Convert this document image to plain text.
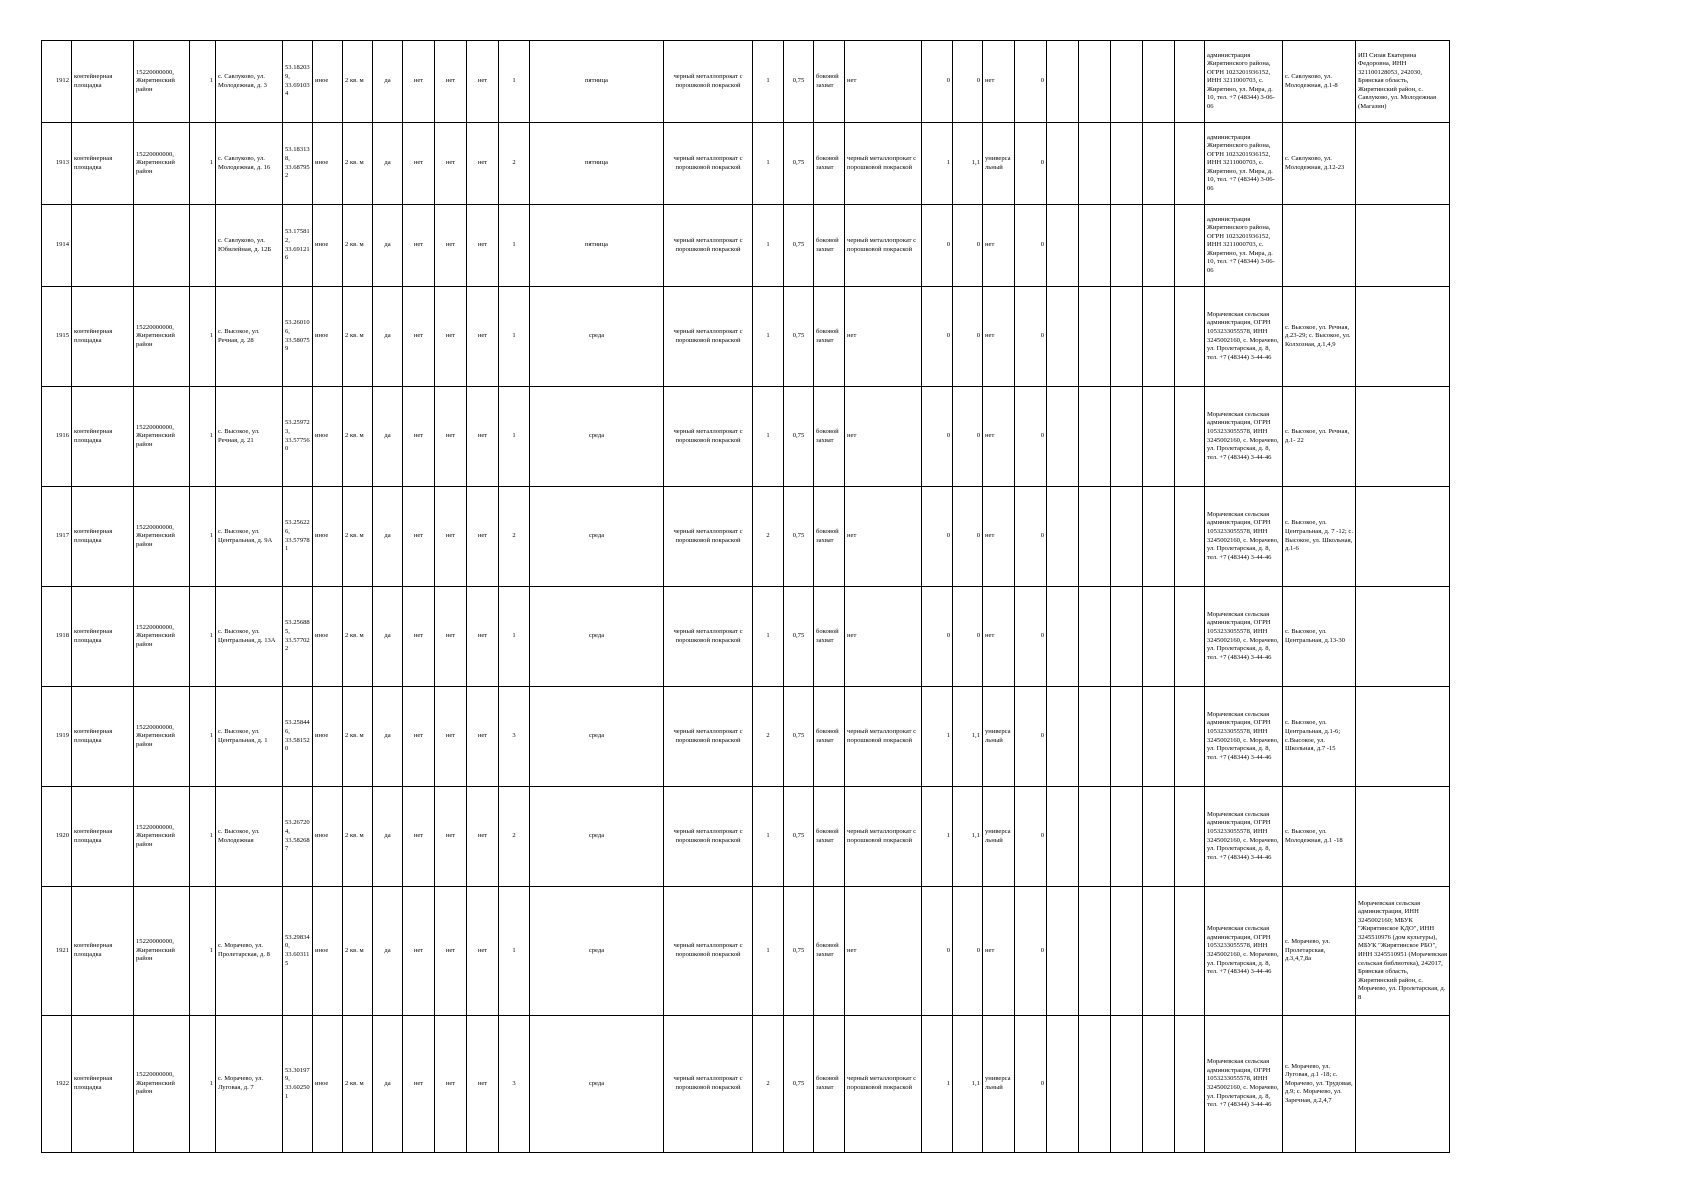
1912	контейнерная площадка	15220000000, Жирятинский район	1	с. Савлуково, ул. Молодежная, д. 3	53.18203 9, 33.69103 4	иное	2 кв. м	да	нет	нет	нет	1	пятница	черный металлопрокат с порошковой покраской	1	0,75	боковой захват	нет	0	0	нет	0						администрация Жирятинского района, ОГРН 1023201936152, ИНН 3211000703, с. Жирятино, ул. Мира, д. 10, тел. +7 (48344) 3-06-06	с. Савлуково, ул. Молодежная, д.1-8	ИП Сизая Екатерина Федоровна, ИНН 321100128053, 242030, Брянская область, Жирятинский район, с. Савлуково, ул. Молодежная (Магазин)
1913	контейнерная площадка	15220000000, Жирятинский район	1	с. Савлуково, ул. Молодежная, д. 16	53.18313 8, 33.68795 2	иное	2 кв. м	да	нет	нет	нет	2	пятница	черный металлопрокат с порошковой покраской	1	0,75	боковой захват	черный металлопрокат с порошковой покраской	1	1,1	универсальный	0						администрация Жирятинского района, ОГРН 1023201936152, ИНН 3211000703, с. Жирятино, ул. Мира, д. 10, тел. +7 (48344) 3-06-06	с. Савлуково, ул. Молодежная, д.12-23	
1914				с. Савлуково, ул. Юбилейная, д. 12Б	53.17581 2, 33.69121 6	иное	2 кв. м	да	нет	нет	нет	1	пятница	черный металлопрокат с порошковой покраской	1	0,75	боковой захват	черный металлопрокат с порошковой покраской	0	0	нет	0						администрация Жирятинского района, ОГРН 1023201936152, ИНН 3211000703, с. Жирятино, ул. Мира, д. 10, тел. +7 (48344) 3-06-06		
1915	контейнерная площадка	15220000000, Жирятинский район	1	с. Высокое, ул. Речная, д. 28	53.26010 6, 33.58075 9	иное	2 кв. м	да	нет	нет	нет	1	среда	черный металлопрокат с порошковой покраской	1	0,75	боковой захват	нет	0	0	нет	0						Морачевская сельская администрация, ОГРН 1053233055578, ИНН 3245002160, с. Морачево, ул. Пролетарская, д. 8, тел. +7 (48344) 3-44-46	с. Высокое, ул. Речная, д.23-29; с. Высокое, ул. Колхозная, д.1,4,9	
1916	контейнерная площадка	15220000000, Жирятинский район	1	с. Высокое, ул. Речная, д. 21	53.25972 3, 33.57756 0	иное	2 кв. м	да	нет	нет	нет	1	среда	черный металлопрокат с порошковой покраской	1	0,75	боковой захват	нет	0	0	нет	0						Морачевская сельская администрация, ОГРН 1053233055578, ИНН 3245002160, с. Морачево, ул. Пролетарская, д. 8, тел. +7 (48344) 3-44-46	с. Высокое, ул. Речная, д.1- 22	
1917	контейнерная площадка	15220000000, Жирятинский район	1	с. Высокое, ул. Центральная, д. 9А	53.25622 6, 33.57978 1	иное	2 кв. м	да	нет	нет	нет	2	среда	черный металлопрокат с порошковой покраской	2	0,75	боковой захват	нет	0	0	нет	0						Морачевская сельская администрация, ОГРН 1053233055578, ИНН 3245002160, с. Морачево, ул. Пролетарская, д. 8, тел. +7 (48344) 3-44-46	с. Высокое, ул. Центральная, д. 7 -12; с. Высокое, ул. Школьная, д.1-6	
1918	контейнерная площадка	15220000000, Жирятинский район	1	с. Высокое, ул. Центральная, д. 13А	53.25688 5, 33.57702 2	иное	2 кв. м	да	нет	нет	нет	1	среда	черный металлопрокат с порошковой покраской	1	0,75	боковой захват	нет	0	0	нет	0						Морачевская сельская администрация, ОГРН 1053233055578, ИНН 3245002160, с. Морачево, ул. Пролетарская, д. 8, тел. +7 (48344) 3-44-46	с. Высокое, ул. Центральная, д.13-30	
1919	контейнерная площадка	15220000000, Жирятинский район	1	с. Высокое, ул. Центральная, д. 1	53.25844 6, 33.58152 0	иное	2 кв. м	да	нет	нет	нет	3	среда	черный металлопрокат с порошковой покраской	2	0,75	боковой захват	черный металлопрокат с порошковой покраской	1	1,1	универсальный	0						Морачевская сельская администрация, ОГРН 1053233055578, ИНН 3245002160, с. Морачево, ул. Пролетарская, д. 8, тел. +7 (48344) 3-44-46	с. Высокое, ул. Центральная, д.1-6; с.Высокое, ул. Школьная, д.7 -15	
1920	контейнерная площадка	15220000000, Жирятинский район	1	с. Высокое, ул. Молодежная	53.26720 4, 33.58268 7	иное	2 кв. м	да	нет	нет	нет	2	среда	черный металлопрокат с порошковой покраской	1	0,75	боковой захват	черный металлопрокат с порошковой покраской	1	1,1	универсальный	0						Морачевская сельская администрация, ОГРН 1053233055578, ИНН 3245002160, с. Морачево, ул. Пролетарская, д. 8, тел. +7 (48344) 3-44-46	с. Высокое, ул. Молодежная, д.1 -18	
1921	контейнерная площадка	15220000000, Жирятинский район	1	с. Морачево, ул. Пролетарская, д. 8	53.29834 0, 33.60311 5	иное	2 кв. м	да	нет	нет	нет	1	среда	черный металлопрокат с порошковой покраской	1	0,75	боковой захват	нет	0	0	нет	0						Морачевская сельская администрация, ОГРН 1053233055578, ИНН 3245002160, с. Морачево, ул. Пролетарская, д. 8, тел. +7 (48344) 3-44-46	с. Морачево, ул. Пролетарская, д.3,4,7,8а	Морачевская сельская администрация, ИНН 3245002160; МБУК "Жирятинское КДО", ИНН 3245510976 (дом культуры), МБУК "Жирятинское РБО", ИНН 3245510951 (Морачевская сельская библиотека), 242017, Брянская область, Жирятинский район, с. Морачево, ул. Пролетарская, д. 8
1922	контейнерная площадка	15220000000, Жирятинский район	1	с. Морачево, ул. Луговая, д. 7	53.30197 9, 33.60250 1	иное	2 кв. м	да	нет	нет	нет	3	среда	черный металлопрокат с порошковой покраской	2	0,75	боковой захват	черный металлопрокат с порошковой покраской	1	1,1	универсальный	0						Морачевская сельская администрация, ОГРН 1053233055578, ИНН 3245002160, с. Морачево, ул. Пролетарская, д. 8, тел. +7 (48344) 3-44-46	с. Морачево, ул. Луговая, д.1 -18; с. Морачево, ул. Трудовая, д.9; с. Морачево, ул. Заречная, д.2,4,7	
